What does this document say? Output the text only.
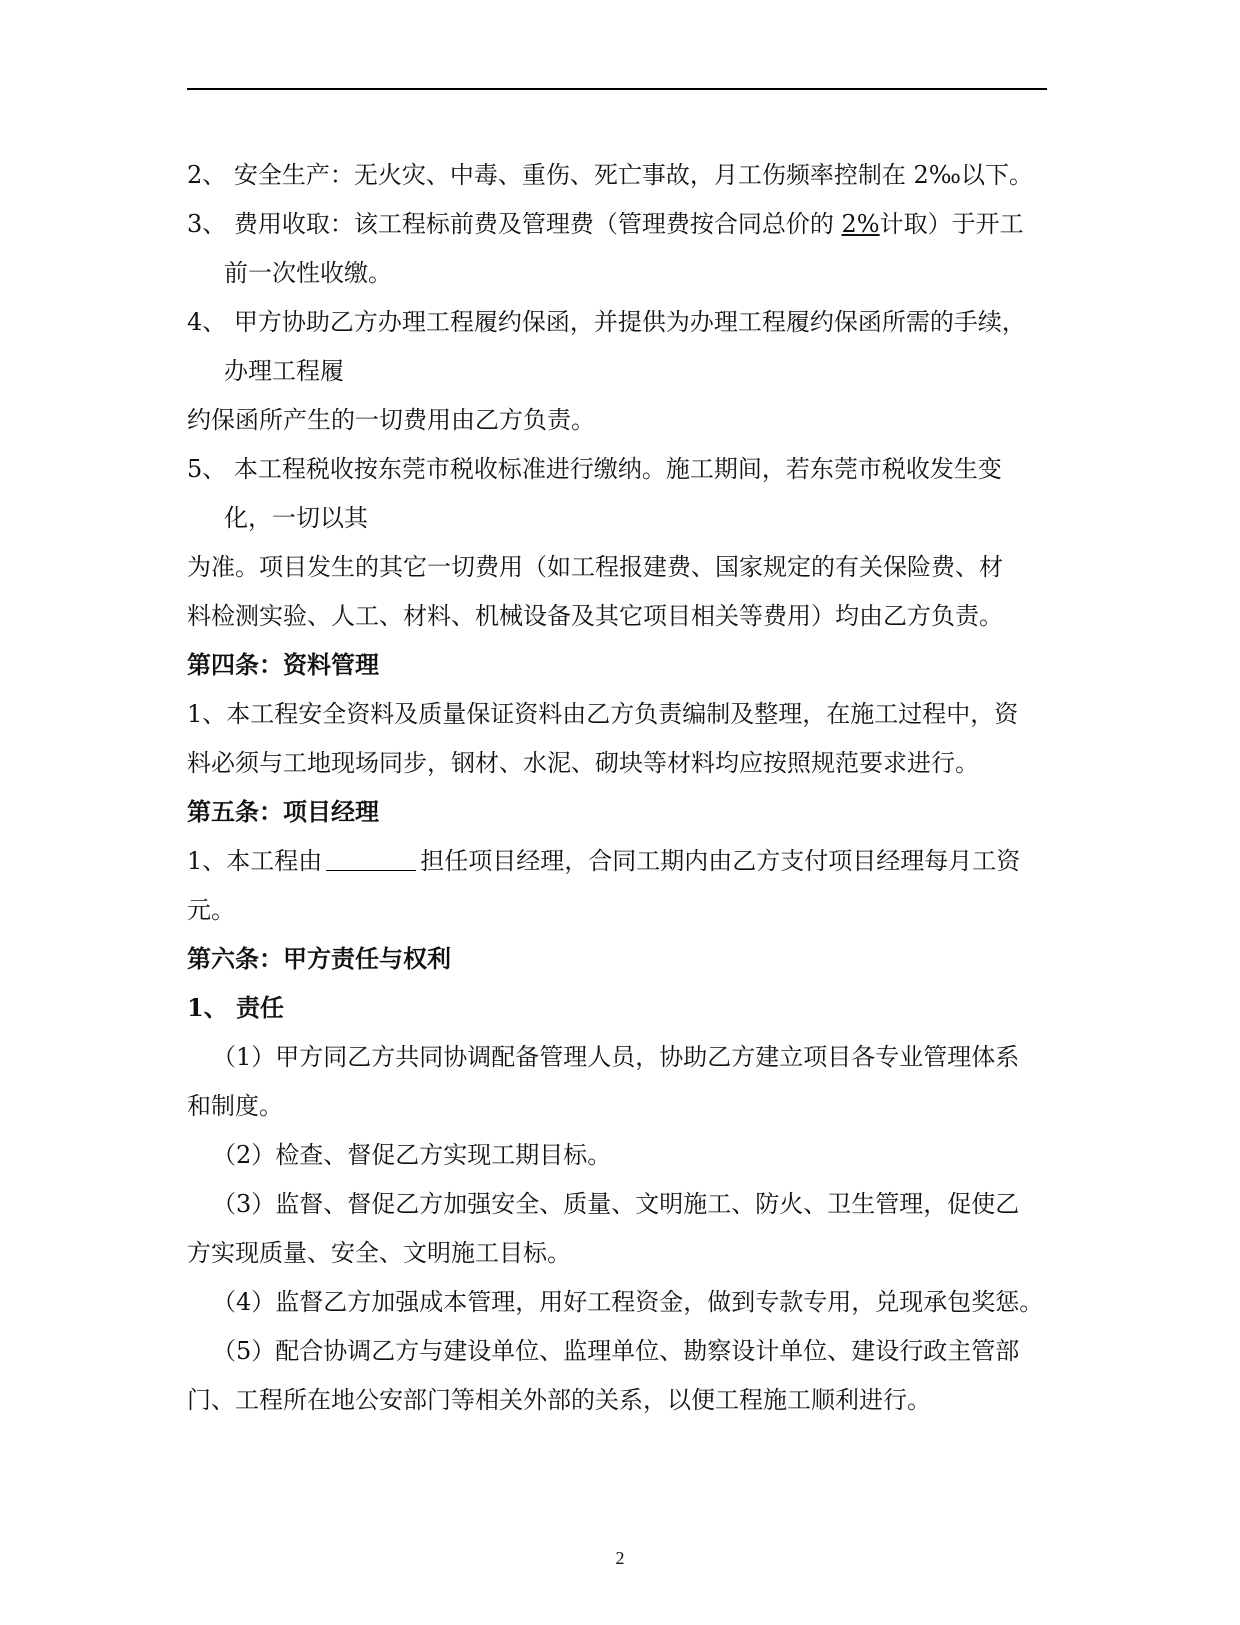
2、 安全生产：无火灾、中毒、重伤、死亡事故，月工伤频率控制在 2‰以下。
3、 费用收取：该工程标前费及管理费（管理费按合同总价的 2%计取）于开工
前一次性收缴。
4、 甲方协助乙方办理工程履约保函，并提供为办理工程履约保函所需的手续，
办理工程履
约保函所产生的一切费用由乙方负责。
5、 本工程税收按东莞市税收标准进行缴纳。施工期间，若东莞市税收发生变
化，一切以其
为准。项目发生的其它一切费用（如工程报建费、国家规定的有关保险费、材
料检测实验、人工、材料、机械设备及其它项目相关等费用）均由乙方负责。
第四条：资料管理
1、本工程安全资料及质量保证资料由乙方负责编制及整理，在施工过程中，资
料必须与工地现场同步，钢材、水泥、砌块等材料均应按照规范要求进行。
第五条：项目经理
1、本工程由	担任项目经理，合同工期内由乙方支付项目经理每月工资
元。
第六条：甲方责任与权利
1、 责任
（1）甲方同乙方共同协调配备管理人员，协助乙方建立项目各专业管理体系
和制度。
（2）检查、督促乙方实现工期目标。
（3）监督、督促乙方加强安全、质量、文明施工、防火、卫生管理，促使乙
方实现质量、安全、文明施工目标。
（4）监督乙方加强成本管理，用好工程资金，做到专款专用，兑现承包奖惩。
（5）配合协调乙方与建设单位、监理单位、勘察设计单位、建设行政主管部
门、工程所在地公安部门等相关外部的关系，以便工程施工顺利进行。
2
